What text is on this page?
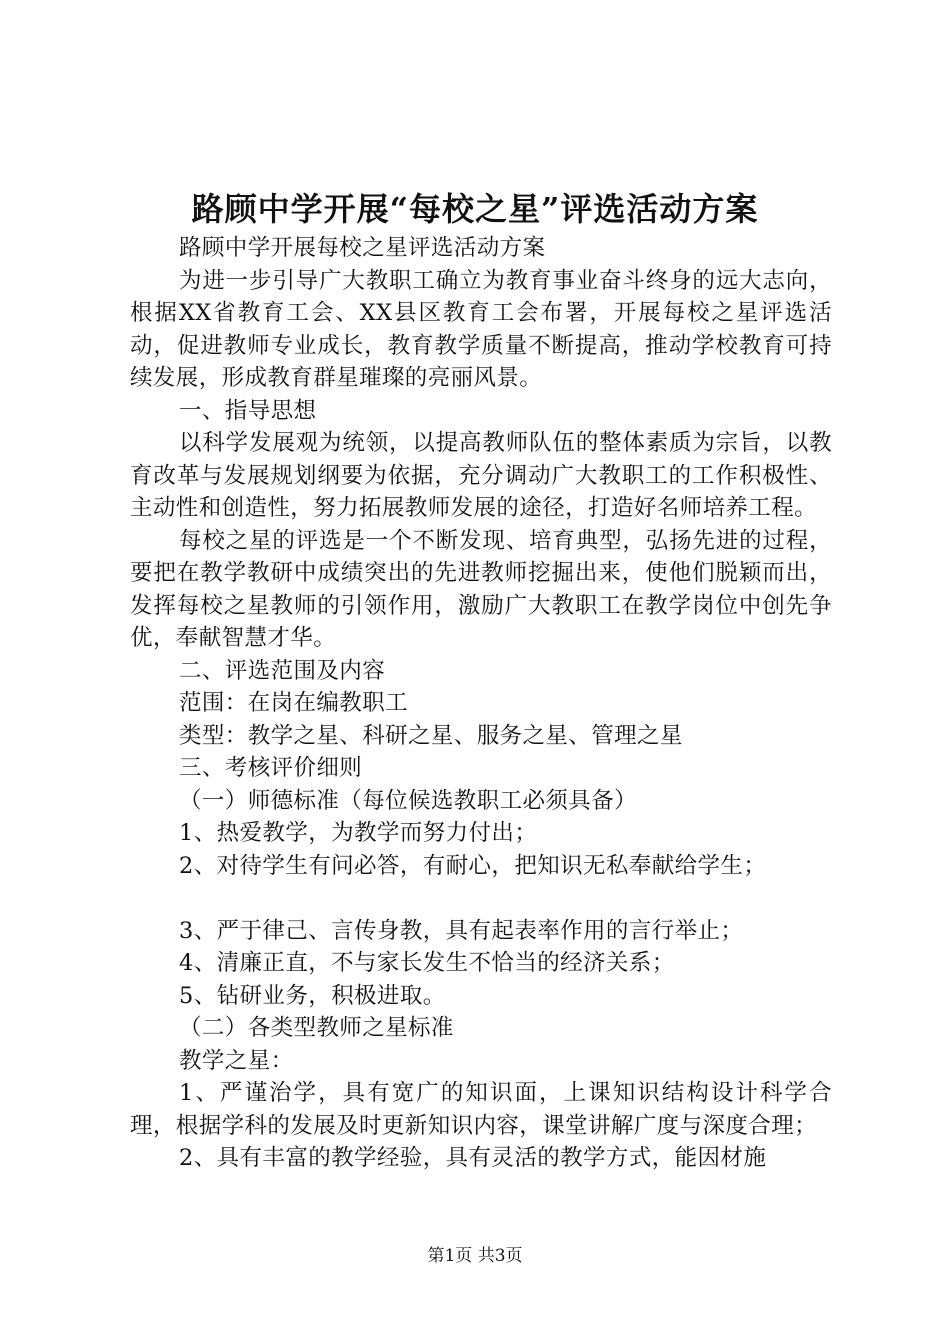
路顾中学开展“每校之星”评选活动方案

路顾中学开展每校之星评选活动方案

为进一步引导广大教职工确立为教育事业奋斗终身的远大志向，根据XX省教育工会、XX县区教育工会布署，开展每校之星评选活动，促进教师专业成长，教育教学质量不断提高，推动学校教育可持续发展，形成教育群星璀璨的亮丽风景。

一、指导思想

以科学发展观为统领，以提高教师队伍的整体素质为宗旨，以教育改革与发展规划纲要为依据，充分调动广大教职工的工作积极性、主动性和创造性，努力拓展教师发展的途径，打造好名师培养工程。

每校之星的评选是一个不断发现、培育典型，弘扬先进的过程，要把在教学教研中成绩突出的先进教师挖掘出来，使他们脱颖而出，发挥每校之星教师的引领作用，激励广大教职工在教学岗位中创先争优，奉献智慧才华。

二、评选范围及内容

范围：在岗在编教职工

类型：教学之星、科研之星、服务之星、管理之星

三、考核评价细则

（一）师德标准（每位候选教职工必须具备）

1、热爱教学，为教学而努力付出；

2、对待学生有问必答，有耐心，把知识无私奉献给学生；

3、严于律己、言传身教，具有起表率作用的言行举止；

4、清廉正直，不与家长发生不恰当的经济关系；

5、钻研业务，积极进取。

（二）各类型教师之星标准

教学之星：

1、严谨治学，具有宽广的知识面，上课知识结构设计科学合理，根据学科的发展及时更新知识内容，课堂讲解广度与深度合理；

2、具有丰富的教学经验，具有灵活的教学方式，能因材施

第1页 共3页
